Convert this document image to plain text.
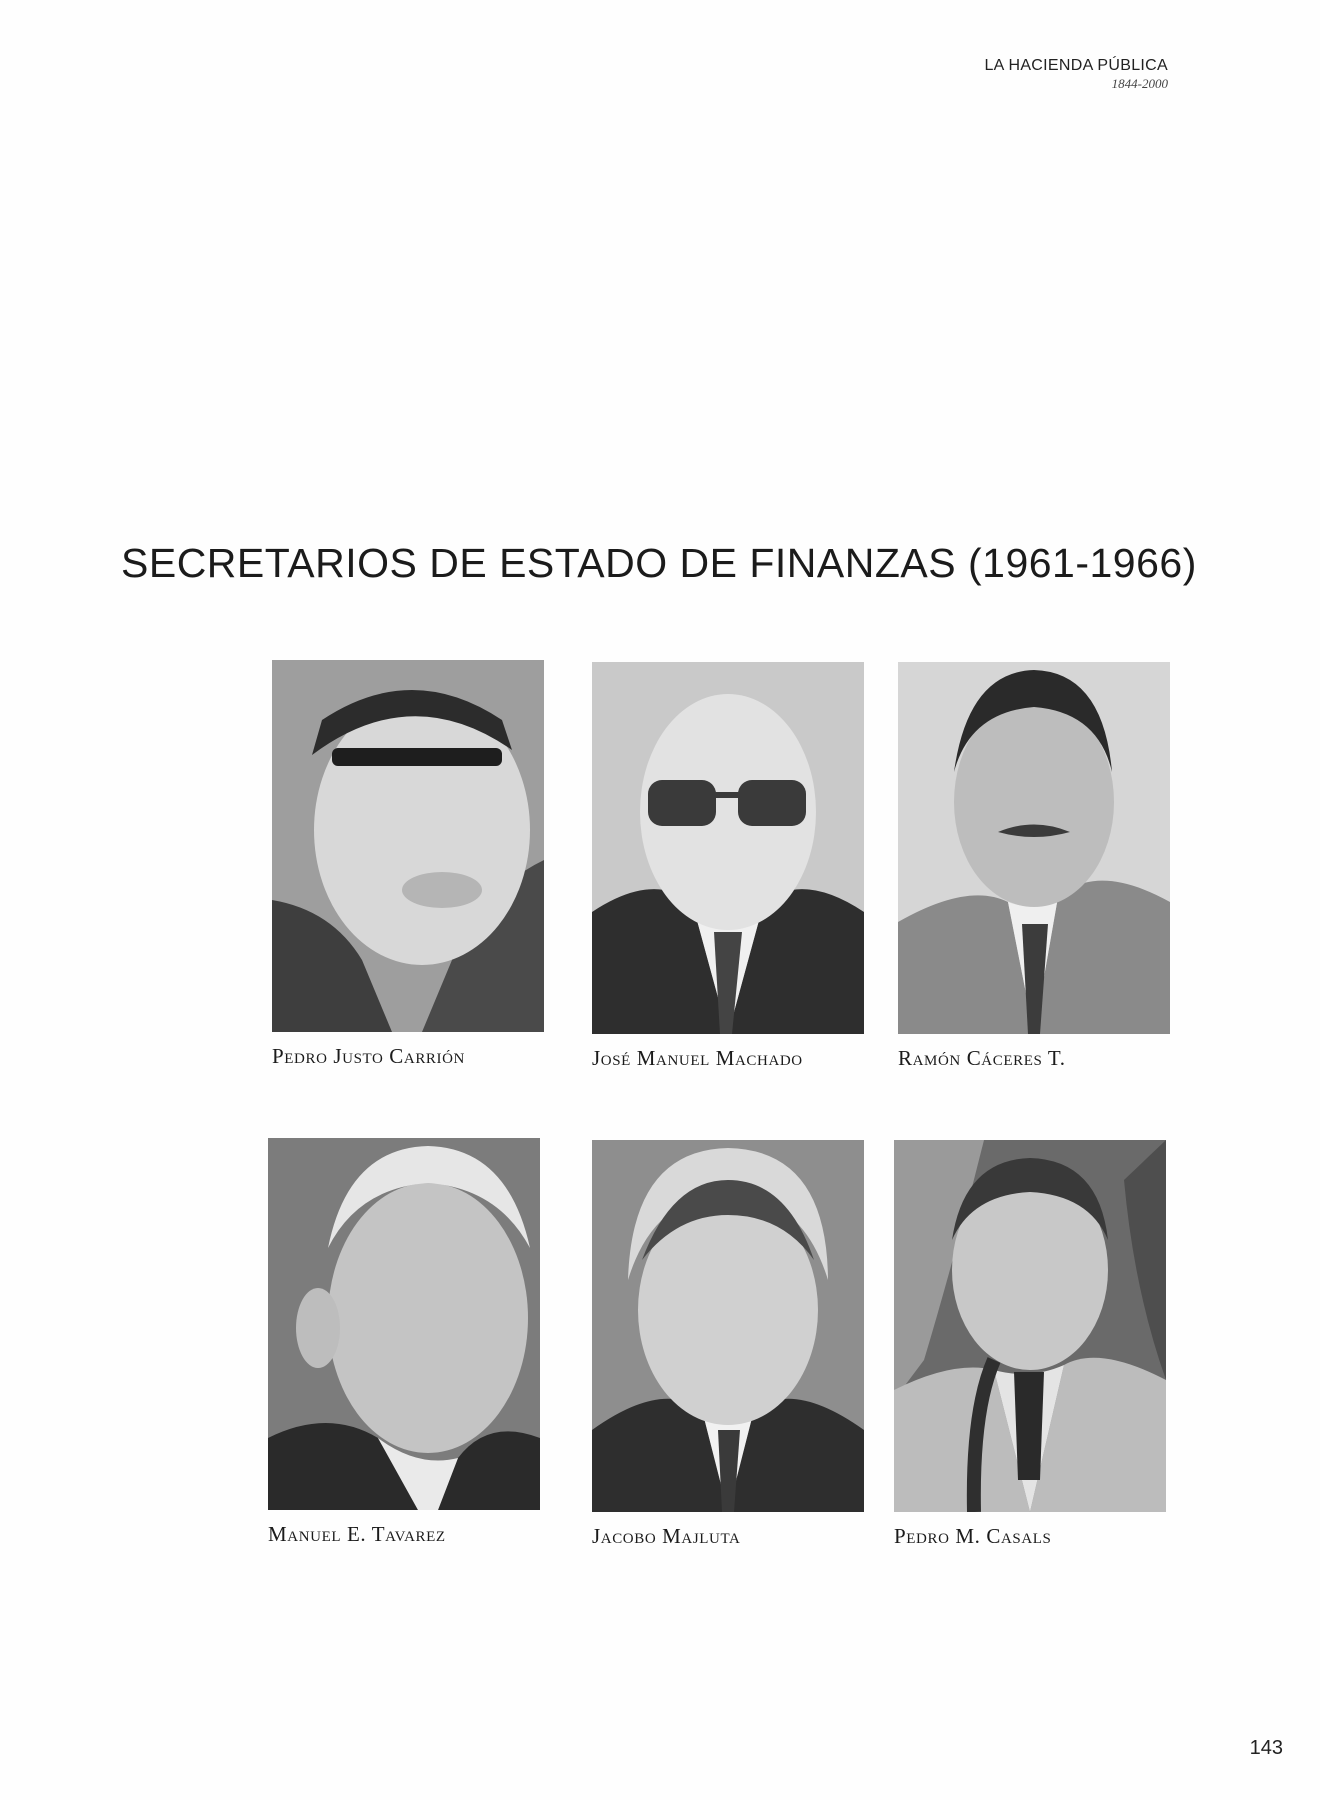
LA HACIENDA PÚBLICA
1844-2000
SECRETARIOS DE ESTADO DE FINANZAS (1961-1966)
Pedro Justo Carrión	José Manuel Machado	Ramón Cáceres T.
Manuel E. Tavarez	Jacobo Majluta	Pedro M. Casals
143
